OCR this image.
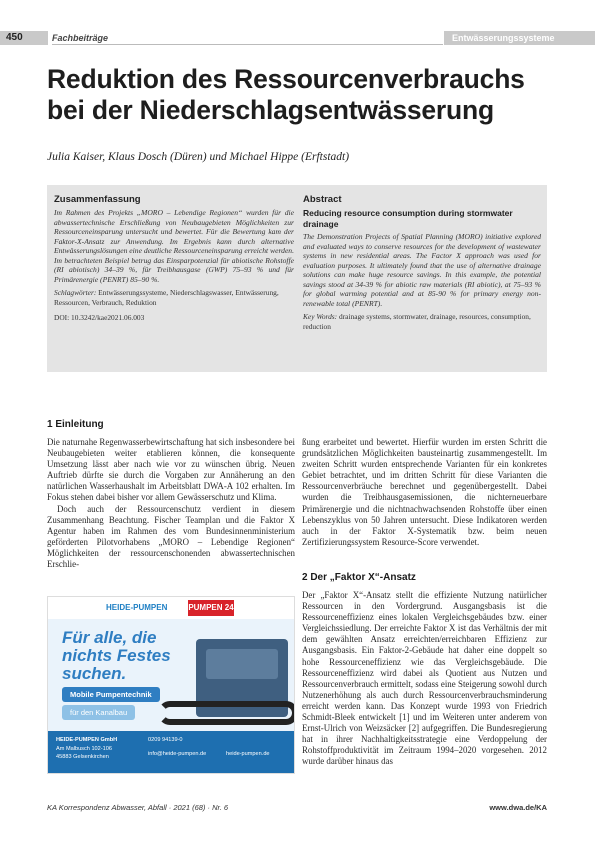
450	Fachbeiträge	Entwässerungssysteme
Reduktion des Ressourcenverbrauchs
bei der Niederschlagsentwässerung
Julia Kaiser, Klaus Dosch (Düren) und Michael Hippe (Erftstadt)
Zusammenfassung

Im Rahmen des Projekts „MORO – Lebendige Regionen“ wurden für die abwassertechnische Erschließung von Neubaugebieten Möglichkeiten zur Ressourceneinsparung untersucht und bewertet. Für die Bewertung kam der Faktor-X-Ansatz zur Anwendung. Im Ergebnis kann durch alternative Entwässerungslösungen eine deutliche Ressourceneinsparung erreicht werden. Im betrachteten Beispiel betrug das Einsparpotenzial für abiotische Rohstoffe (RI abiotisch) 34–39 %, für Treibhausgase (GWP) 75–93 % und für Primärenergie (PENRT) 85–90 %.

Schlagwörter: Entwässerungssysteme, Niederschlagswasser, Entwässerung, Ressourcen, Verbrauch, Reduktion

DOI: 10.3242/kae2021.06.003

Abstract
Reducing resource consumption during stormwater drainage

The Demonstration Projects of Spatial Planning (MORO) initiative explored and evaluated ways to conserve resources for the development of wastewater systems in new residential areas. The Factor X approach was used for evaluation purposes. It ultimately found that the use of alternative drainage solutions can make huge resource savings. In this example, the potential savings stood at 34-39 % for abiotic raw materials (RI abiotic), at 75–93 % for global warming potential and at 85-90 % for primary energy non-renewable total (PENRT).

Key Words: drainage systems, stormwater, drainage, resources, consumption, reduction

1 Einleitung

Die naturnahe Regenwasserbewirtschaftung hat sich insbesondere bei Neubaugebieten weiter etablieren können, die konsequente Umsetzung lässt aber nach wie vor zu wünschen übrig. Neuen Auftrieb dürfte sie durch die Vorgaben zur Annäherung an den natürlichen Wasserhaushalt im Arbeitsblatt DWA-A 102 erhalten. Im Fokus stehen dabei bisher vor allem Gewässerschutz und Klima.

Doch auch der Ressourcenschutz verdient in diesem Zusammenhang Beachtung. Fischer Teamplan und die Faktor X Agentur haben im Rahmen des vom Bundesinnenministerium geförderten Pilotvorhabens „MORO – Lebendige Regionen“ Möglichkeiten der ressourcenschonenden abwassertechnischen Erschlie-

ßung erarbeitet und bewertet. Hierfür wurden im ersten Schritt die grundsätzlichen Möglichkeiten bausteinartig zusammengestellt. Im zweiten Schritt wurden entsprechende Varianten für ein konkretes Gebiet betrachtet, und im dritten Schritt für diese Varianten die Ressourcenverbräuche berechnet und gegenübergestellt. Dabei wurden die Treibhausgasemissionen, die nichterneuerbare Primärenergie und die nichtnachwachsenden Rohstoffe über einen Lebenszyklus von 50 Jahren untersucht. Diese Indikatoren werden auch in der Faktor X-Systematik bzw. beim neuen Zertifizierungssystem Resource-Score verwendet.

2 Der „Faktor X“-Ansatz

Der „Faktor X“-Ansatz stellt die effiziente Nutzung natürlicher Ressourcen in den Vordergrund. Ausgangsbasis ist die Ressourceneffizienz eines lokalen Vergleichsgebäudes bzw. einer Vergleichssiedlung. Der erreichte Faktor X ist das Verhältnis der mit dem gewählten Ansatz erreichten/erreichbaren Effizienz zur Ausgangsbasis. Ein Faktor-2-Gebäude hat daher eine doppelt so hohe Ressourceneffizienz wie das Vergleichsgebäude. Die Ressourceneffizienz wird dabei als Quotient aus Nutzen und Ressourcenverbrauch ermittelt, sodass eine Steigerung sowohl durch Nutzenerhöhung als auch durch Ressourcenverbrauchsminderung erreicht werden kann. Das Konzept wurde 1993 von Friedrich Schmidt-Bleek entwickelt [1] und im Weiteren unter anderem von Ernst-Ulrich von Weizsäcker [2] aufgegriffen. Die Bundesregierung hat in ihrer Nachhaltigkeitsstrategie eine Verdoppelung der Rohstoffproduktivität im Zeitraum 1994–2020 vorgesehen. 2012 wurde darüber hinaus das

HEIDE-PUMPEN	PUMPEN 24
Für alle, die
nichts Festes
suchen.
Mobile Pumpentechnik
für den Kanalbau
HEIDE-PUMPEN GmbH
Am Malbusch 102-106
45883 Gelsenkirchen
0209 94139-0
info@heide-pumpen.de	heide-pumpen.de
KA Korrespondenz Abwasser, Abfall · 2021 (68) · Nr. 6	www.dwa.de/KA
